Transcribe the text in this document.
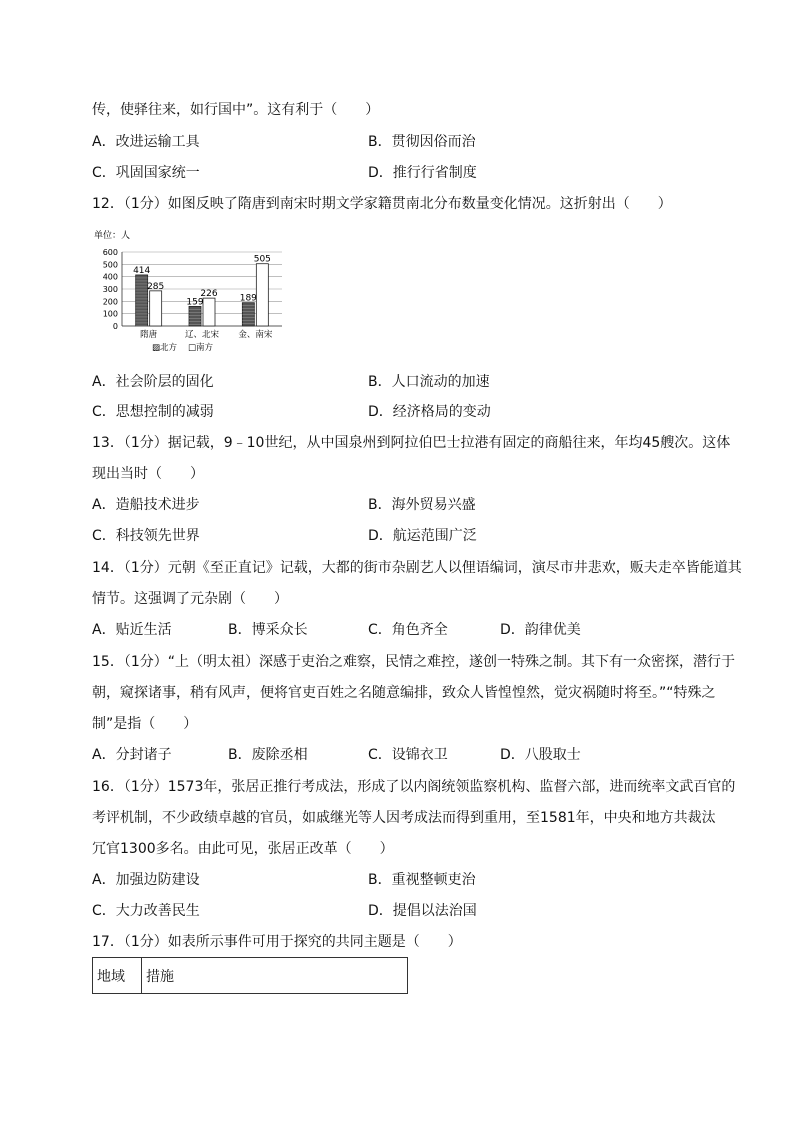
传，使驿往来，如行国中”。这有利于（　　）
A．改进运输工具	B．贯彻因俗而治
C．巩固国家统一	D．推行行省制度
12．（1分）如图反映了隋唐到南宋时期文学家籍贯南北分布数量变化情况。这折射出（　　）
单位：人
600
500
400
300
200
100
0
414
285
159
226 189
505
隋唐	辽、北宋 金、南宋
▨北方 □南方
A．社会阶层的固化	B．人口流动的加速
C．思想控制的减弱	D．经济格局的变动
13．（1分）据记载，9﹣10世纪，从中国泉州到阿拉伯巴士拉港有固定的商船往来，年均45艘次。这体
现出当时（　　）
A．造船技术进步	B．海外贸易兴盛
C．科技领先世界	D．航运范围广泛
14．（1分）元朝《至正直记》记载，大都的街市杂剧艺人以俚语编词，演尽市井悲欢，贩夫走卒皆能道其
情节。这强调了元杂剧（　　）
A．贴近生活	B．博采众长	C．角色齐全	D．韵律优美
15．（1分）“上（明太祖）深感于吏治之难察，民情之难控，遂创一特殊之制。其下有一众密探，潜行于
朝，窥探诸事，稍有风声，便将官吏百姓之名随意编排，致众人皆惶惶然，觉灾祸随时将至。”“特殊之
制”是指（　　）
A．分封诸子	B．废除丞相	C．设锦衣卫	D．八股取士
16．（1分）1573年，张居正推行考成法，形成了以内阁统领监察机构、监督六部，进而统率文武百官的
考评机制，不少政绩卓越的官员，如戚继光等人因考成法而得到重用，至1581年，中央和地方共裁汰
冗官1300多名。由此可见，张居正改革（　　）
A．加强边防建设	B．重视整顿吏治
C．大力改善民生	D．提倡以法治国
17．（1分）如表所示事件可用于探究的共同主题是（　　）
地域	措施
